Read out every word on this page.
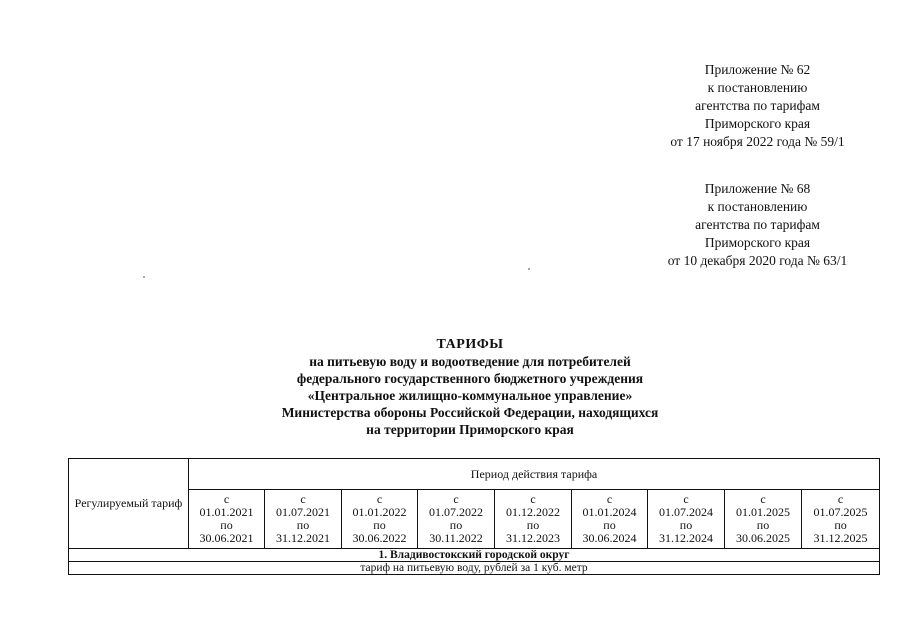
Приложение № 62
к постановлению
агентства по тарифам
Приморского края
от 17 ноября 2022 года № 59/1
Приложение № 68
к постановлению
агентства по тарифам
Приморского края
от 10 декабря 2020 года № 63/1
ТАРИФЫ
на питьевую воду и водоотведение для потребителей
федерального государственного бюджетного учреждения
«Центральное жилищно-коммунальное управление»
Министерства обороны Российской Федерации, находящихся
на территории Приморского края
Регулируемый тариф	Период действия тарифа								

	с
01.01.2021
по
30.06.2021	с
01.07.2021
по
31.12.2021	с
01.01.2022
по
30.06.2022	с
01.07.2022
по
30.11.2022	с
01.12.2022
по
31.12.2023	с
01.01.2024
по
30.06.2024	с
01.07.2024
по
31.12.2024	с
01.01.2025
по
30.06.2025	с
01.07.2025
по
31.12.2025

1. Владивостокский городской округ									
тариф на питьевую воду, рублей за 1 куб. метр									
